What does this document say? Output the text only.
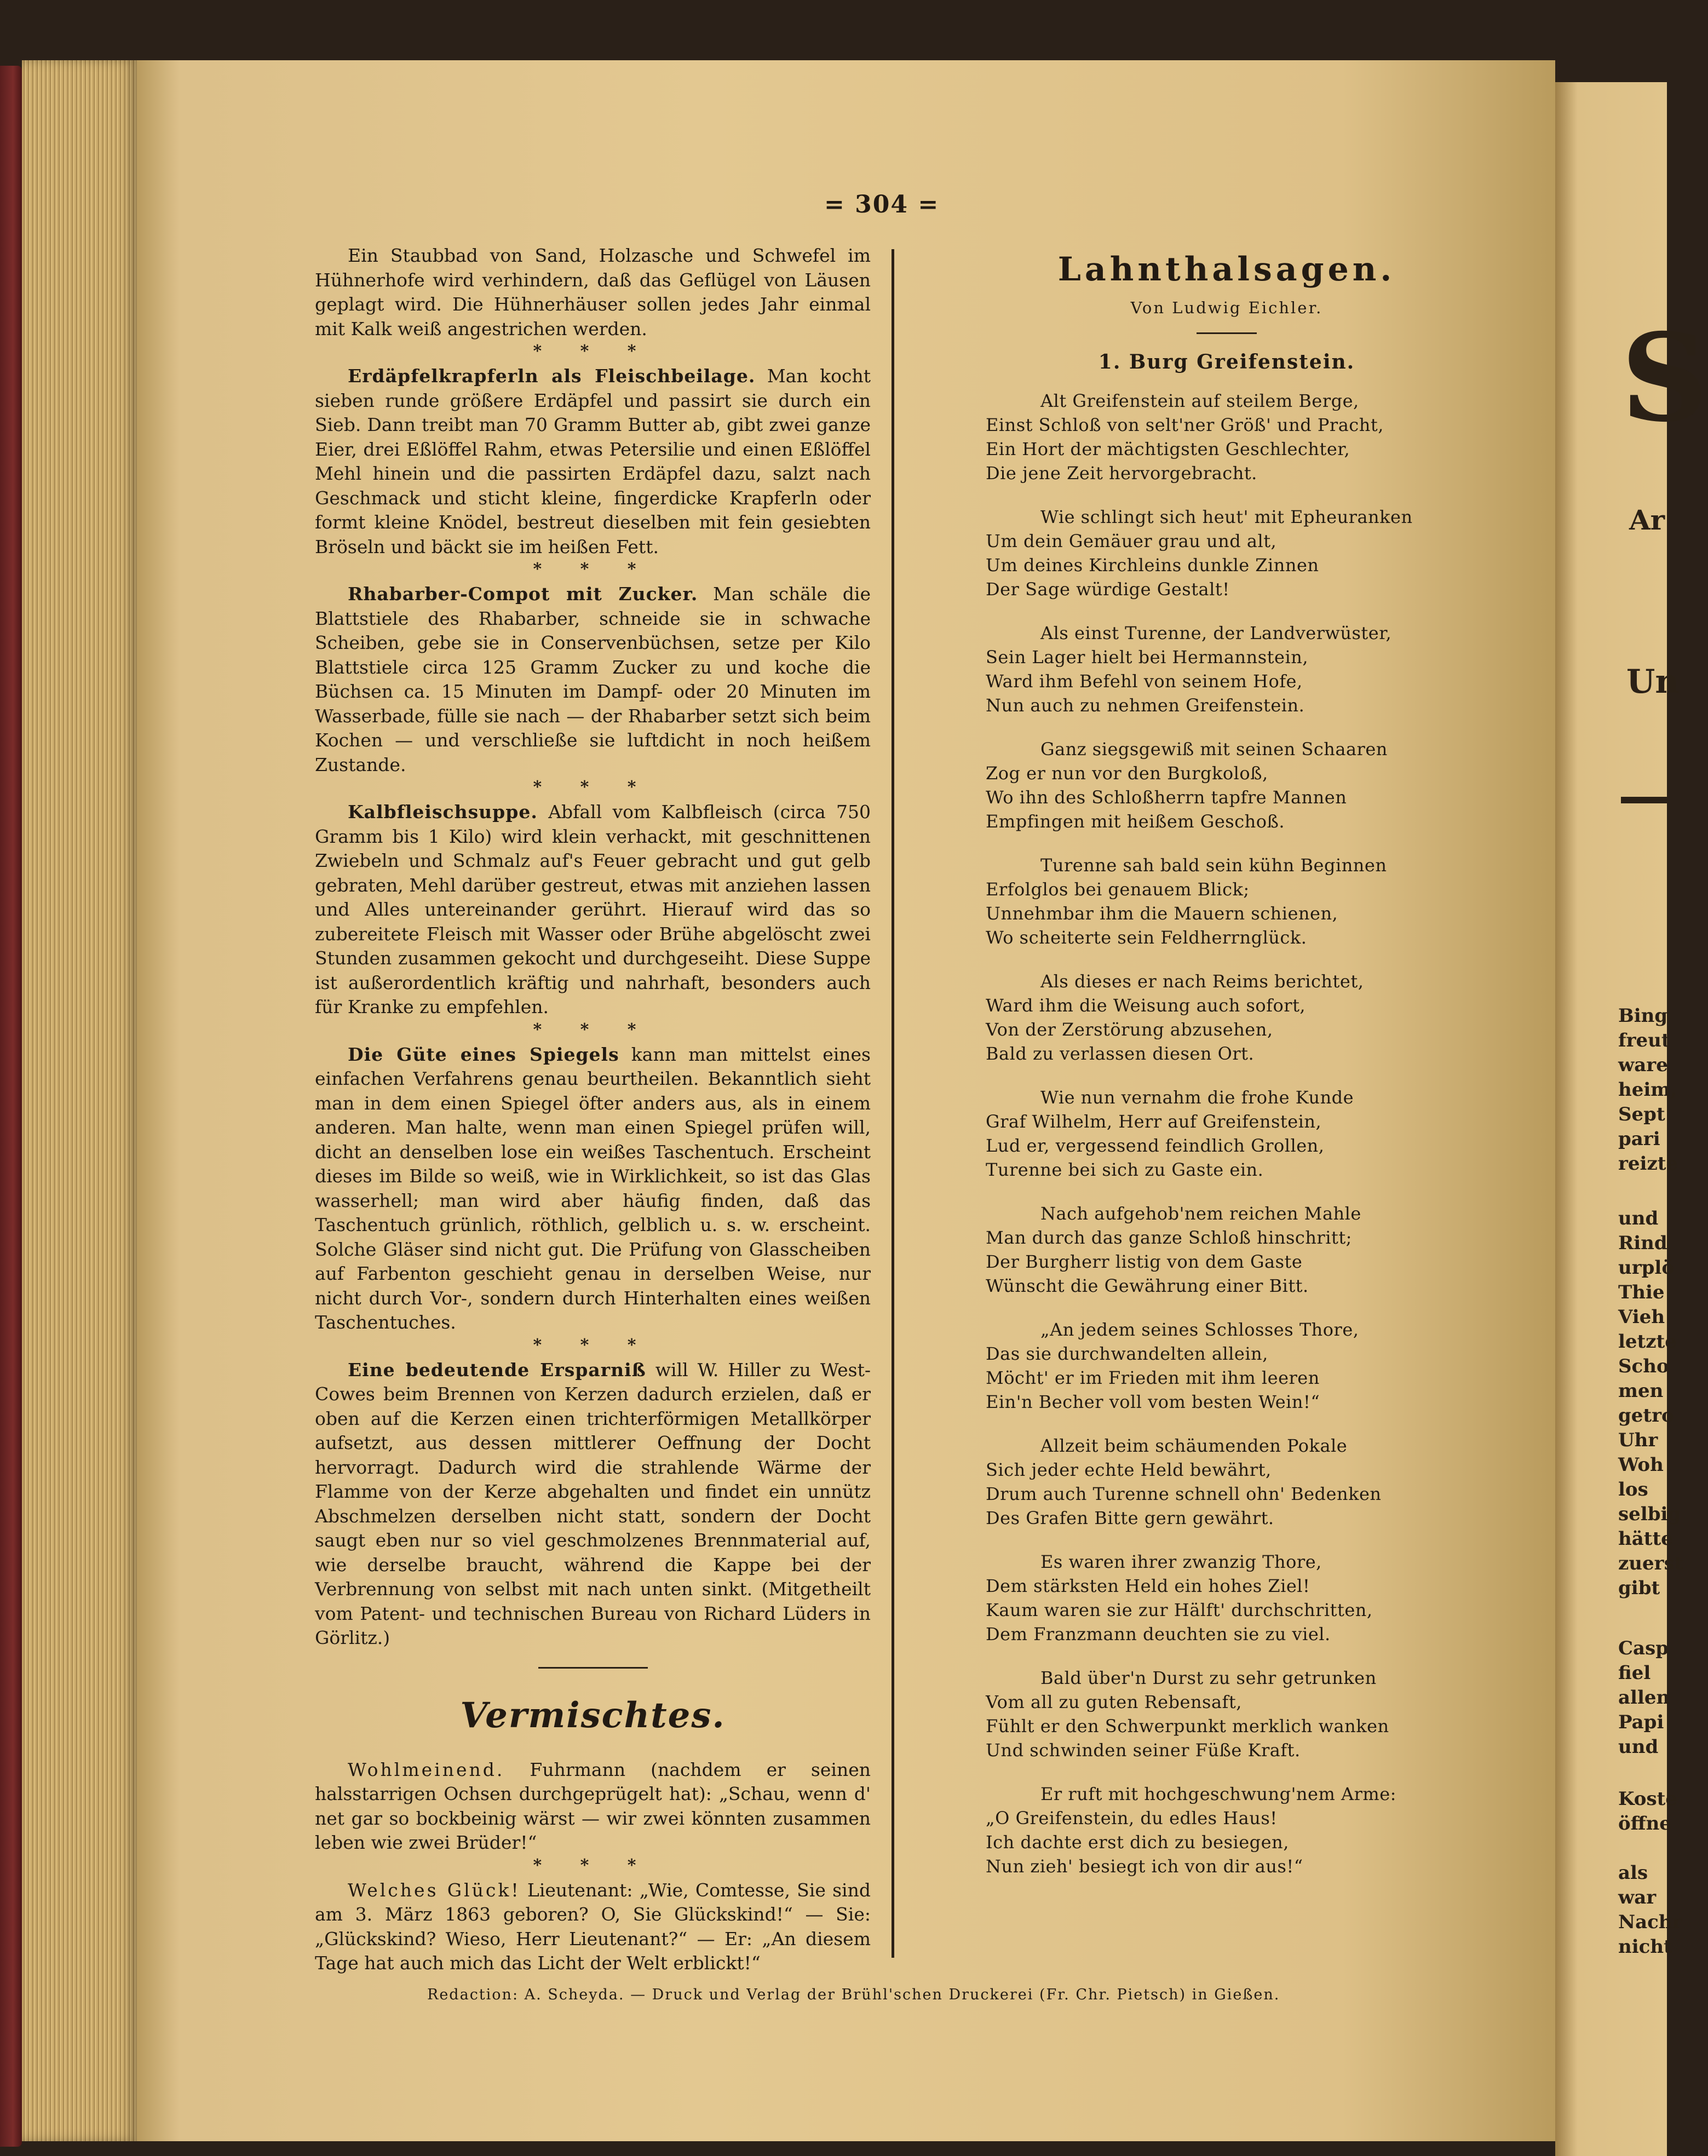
S
Ar
Un
Bing
freut
ware
heim,
Sept
pari
reizte
und
Rind
urplö
Thie
Vieh
letzte
Scho
men
getro
Uhr
Woh
los
selbig
hätte
zuerst
gibt
Casp
fiel
allen
Papi
und
Koste
öffne
als
war
Nachr
nicht
= 304 =

Ein Staubbad von Sand, Holzasche und Schwefel im Hühnerhofe wird verhindern, daß das Geflügel von Läusen geplagt wird. Die Hühnerhäuser sollen jedes Jahr einmal mit Kalk weiß angestrichen werden.

* * *

Erdäpfelkrapferln als Fleischbeilage. Man kocht sieben runde größere Erdäpfel und passirt sie durch ein Sieb. Dann treibt man 70 Gramm Butter ab, gibt zwei ganze Eier, drei Eßlöffel Rahm, etwas Petersilie und einen Eßlöffel Mehl hinein und die passirten Erdäpfel dazu, salzt nach Geschmack und sticht kleine, fingerdicke Krapferln oder formt kleine Knödel, bestreut dieselben mit fein gesiebten Bröseln und bäckt sie im heißen Fett.

* * *

Rhabarber-Compot mit Zucker. Man schäle die Blattstiele des Rhabarber, schneide sie in schwache Scheiben, gebe sie in Conservenbüchsen, setze per Kilo Blattstiele circa 125 Gramm Zucker zu und koche die Büchsen ca. 15 Minuten im Dampf- oder 20 Minuten im Wasserbade, fülle sie nach — der Rhabarber setzt sich beim Kochen — und verschließe sie luftdicht in noch heißem Zustande.

* * *

Kalbfleischsuppe. Abfall vom Kalbfleisch (circa 750 Gramm bis 1 Kilo) wird klein verhackt, mit geschnittenen Zwiebeln und Schmalz auf's Feuer gebracht und gut gelb gebraten, Mehl darüber gestreut, etwas mit anziehen lassen und Alles untereinander gerührt. Hierauf wird das so zubereitete Fleisch mit Wasser oder Brühe abgelöscht zwei Stunden zusammen gekocht und durchgeseiht. Diese Suppe ist außerordentlich kräftig und nahrhaft, besonders auch für Kranke zu empfehlen.

* * *

Die Güte eines Spiegels kann man mittelst eines einfachen Verfahrens genau beurtheilen. Bekanntlich sieht man in dem einen Spiegel öfter anders aus, als in einem anderen. Man halte, wenn man einen Spiegel prüfen will, dicht an denselben lose ein weißes Taschentuch. Erscheint dieses im Bilde so weiß, wie in Wirklichkeit, so ist das Glas wasserhell; man wird aber häufig finden, daß das Taschentuch grünlich, röthlich, gelblich u. s. w. erscheint. Solche Gläser sind nicht gut. Die Prüfung von Glasscheiben auf Farbenton geschieht genau in derselben Weise, nur nicht durch Vor-, sondern durch Hinterhalten eines weißen Taschentuches.

* * *

Eine bedeutende Ersparniß will W. Hiller zu West-Cowes beim Brennen von Kerzen dadurch erzielen, daß er oben auf die Kerzen einen trichterförmigen Metallkörper aufsetzt, aus dessen mittlerer Oeffnung der Docht hervorragt. Dadurch wird die strahlende Wärme der Flamme von der Kerze abgehalten und findet ein unnütz Abschmelzen derselben nicht statt, sondern der Docht saugt eben nur so viel geschmolzenes Brennmaterial auf, wie derselbe braucht, während die Kappe bei der Verbrennung von selbst mit nach unten sinkt. (Mitgetheilt vom Patent- und technischen Bureau von Richard Lüders in Görlitz.)

Vermischtes.

Wohlmeinend. Fuhrmann (nachdem er seinen halsstarrigen Ochsen durchgeprügelt hat): „Schau, wenn d' net gar so bockbeinig wärst — wir zwei könnten zusammen leben wie zwei Brüder!“

* * *

Welches Glück! Lieutenant: „Wie, Comtesse, Sie sind am 3. März 1863 geboren? O, Sie Glückskind!“ — Sie: „Glückskind? Wieso, Herr Lieutenant?“ — Er: „An diesem Tage hat auch mich das Licht der Welt erblickt!“

Lahnthalsagen.
Von Ludwig Eichler.
1. Burg Greifenstein.
Alt Greifenstein auf steilem Berge,
Einst Schloß von selt'ner Größ' und Pracht,
Ein Hort der mächtigsten Geschlechter,
Die jene Zeit hervorgebracht.
Wie schlingt sich heut' mit Epheuranken
Um dein Gemäuer grau und alt,
Um deines Kirchleins dunkle Zinnen
Der Sage würdige Gestalt!
Als einst Turenne, der Landverwüster,
Sein Lager hielt bei Hermannstein,
Ward ihm Befehl von seinem Hofe,
Nun auch zu nehmen Greifenstein.
Ganz siegsgewiß mit seinen Schaaren
Zog er nun vor den Burgkoloß,
Wo ihn des Schloßherrn tapfre Mannen
Empfingen mit heißem Geschoß.
Turenne sah bald sein kühn Beginnen
Erfolglos bei genauem Blick;
Unnehmbar ihm die Mauern schienen,
Wo scheiterte sein Feldherrnglück.
Als dieses er nach Reims berichtet,
Ward ihm die Weisung auch sofort,
Von der Zerstörung abzusehen,
Bald zu verlassen diesen Ort.
Wie nun vernahm die frohe Kunde
Graf Wilhelm, Herr auf Greifenstein,
Lud er, vergessend feindlich Grollen,
Turenne bei sich zu Gaste ein.
Nach aufgehob'nem reichen Mahle
Man durch das ganze Schloß hinschritt;
Der Burgherr listig von dem Gaste
Wünscht die Gewährung einer Bitt.
„An jedem seines Schlosses Thore,
Das sie durchwandelten allein,
Möcht' er im Frieden mit ihm leeren
Ein'n Becher voll vom besten Wein!“
Allzeit beim schäumenden Pokale
Sich jeder echte Held bewährt,
Drum auch Turenne schnell ohn' Bedenken
Des Grafen Bitte gern gewährt.
Es waren ihrer zwanzig Thore,
Dem stärksten Held ein hohes Ziel!
Kaum waren sie zur Hälft' durchschritten,
Dem Franzmann deuchten sie zu viel.
Bald über'n Durst zu sehr getrunken
Vom all zu guten Rebensaft,
Fühlt er den Schwerpunkt merklich wanken
Und schwinden seiner Füße Kraft.
Er ruft mit hochgeschwung'nem Arme:
„O Greifenstein, du edles Haus!
Ich dachte erst dich zu besiegen,
Nun zieh' besiegt ich von dir aus!“
Redaction: A. Scheyda. — Druck und Verlag der Brühl'schen Druckerei (Fr. Chr. Pietsch) in Gießen.
